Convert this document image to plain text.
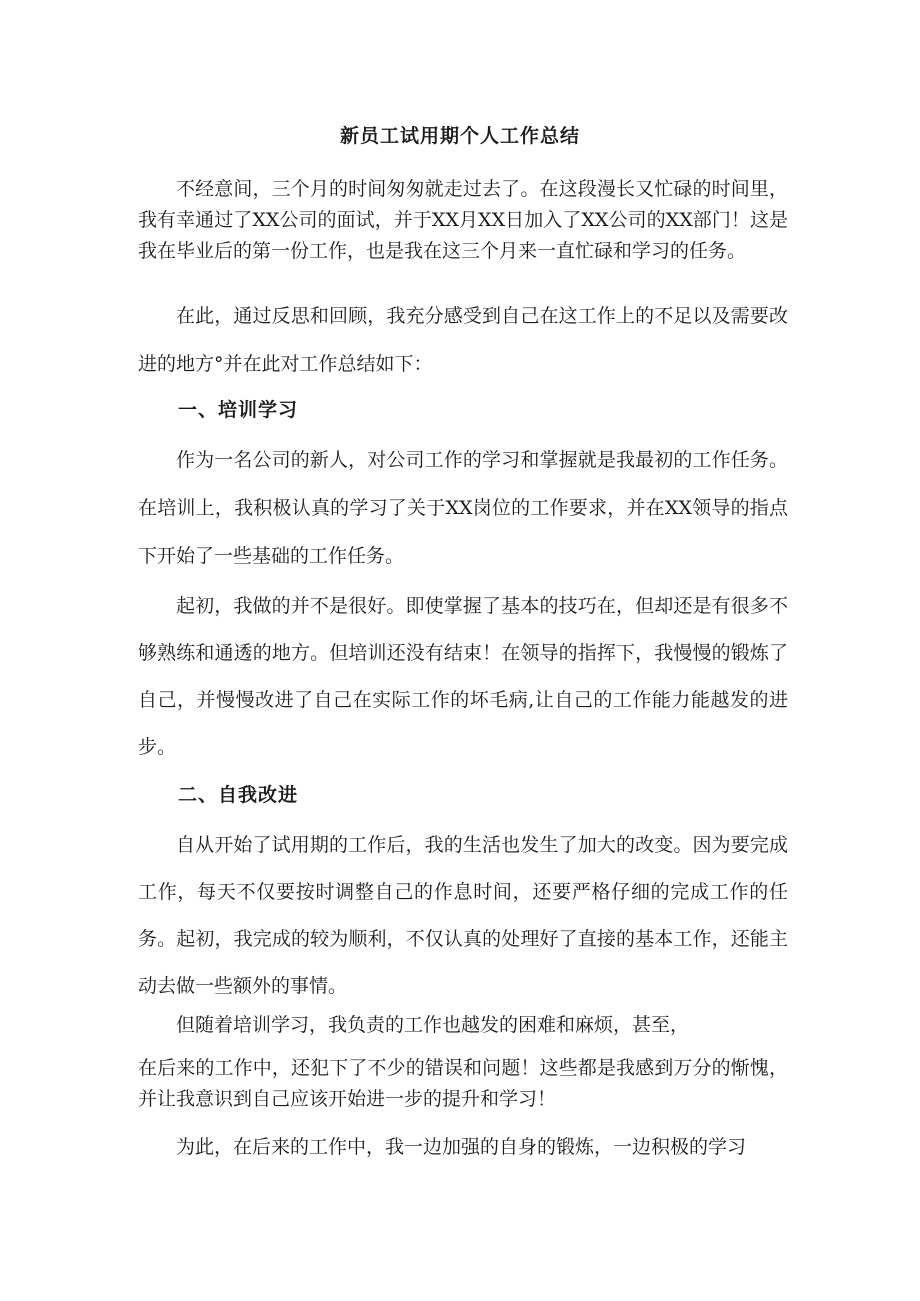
新员工试用期个人工作总结

不经意间，三个月的时间匆匆就走过去了。在这段漫长又忙碌的时间里，我有幸通过了XX公司的面试，并于XX月XX日加入了XX公司的XX部门！这是我在毕业后的第一份工作，也是我在这三个月来一直忙碌和学习的任务。

在此，通过反思和回顾，我充分感受到自己在这工作上的不足以及需要改进的地方°并在此对工作总结如下：

一、培训学习

作为一名公司的新人，对公司工作的学习和掌握就是我最初的工作任务。在培训上，我积极认真的学习了关于XX岗位的工作要求，并在XX领导的指点下开始了一些基础的工作任务。

起初，我做的并不是很好。即使掌握了基本的技巧在，但却还是有很多不够熟练和通透的地方。但培训还没有结束！在领导的指挥下，我慢慢的锻炼了自己，并慢慢改进了自己在实际工作的坏毛病,让自己的工作能力能越发的进步。

二、自我改进

自从开始了试用期的工作后，我的生活也发生了加大的改变。因为要完成工作，每天不仅要按时调整自己的作息时间，还要严格仔细的完成工作的任务。起初，我完成的较为顺利，不仅认真的处理好了直接的基本工作，还能主动去做一些额外的事情。

但随着培训学习，我负责的工作也越发的困难和麻烦，甚至，

在后来的工作中，还犯下了不少的错误和问题！这些都是我感到万分的惭愧，并让我意识到自己应该开始进一步的提升和学习！

为此，在后来的工作中，我一边加强的自身的锻炼，一边积极的学习
